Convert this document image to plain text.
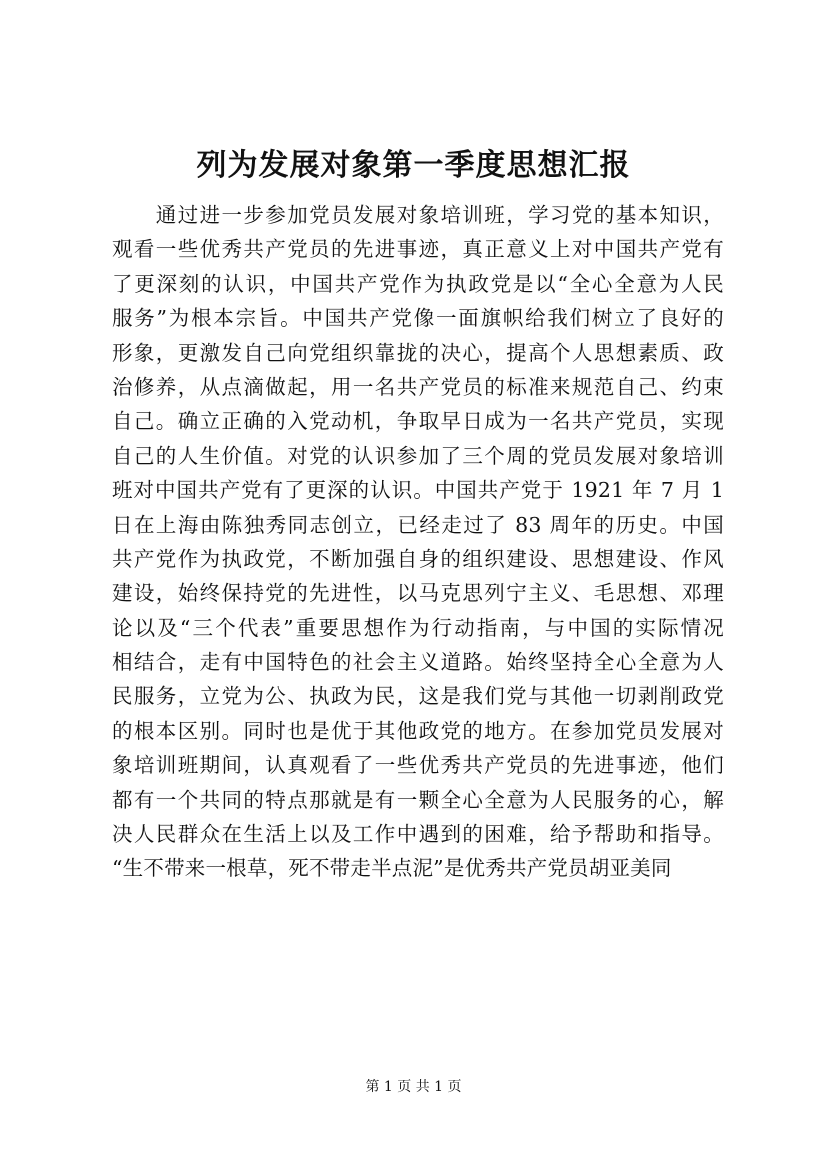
列为发展对象第一季度思想汇报
　　通过进一步参加党员发展对象培训班，学习党的基本知识，
观看一些优秀共产党员的先进事迹，真正意义上对中国共产党有
了更深刻的认识，中国共产党作为执政党是以“全心全意为人民
服务”为根本宗旨。中国共产党像一面旗帜给我们树立了良好的
形象，更激发自己向党组织靠拢的决心，提高个人思想素质、政
治修养，从点滴做起，用一名共产党员的标准来规范自己、约束
自己。确立正确的入党动机，争取早日成为一名共产党员，实现
自己的人生价值。对党的认识参加了三个周的党员发展对象培训
班对中国共产党有了更深的认识。中国共产党于 1921 年 7 月 1
日在上海由陈独秀同志创立，已经走过了 83 周年的历史。中国
共产党作为执政党，不断加强自身的组织建设、思想建设、作风
建设，始终保持党的先进性，以马克思列宁主义、毛思想、邓理
论以及“三个代表”重要思想作为行动指南，与中国的实际情况
相结合，走有中国特色的社会主义道路。始终坚持全心全意为人
民服务，立党为公、执政为民，这是我们党与其他一切剥削政党
的根本区别。同时也是优于其他政党的地方。在参加党员发展对
象培训班期间，认真观看了一些优秀共产党员的先进事迹，他们
都有一个共同的特点那就是有一颗全心全意为人民服务的心，解
决人民群众在生活上以及工作中遇到的困难，给予帮助和指导。
“生不带来一根草，死不带走半点泥”是优秀共产党员胡亚美同
第 1 页 共 1 页
